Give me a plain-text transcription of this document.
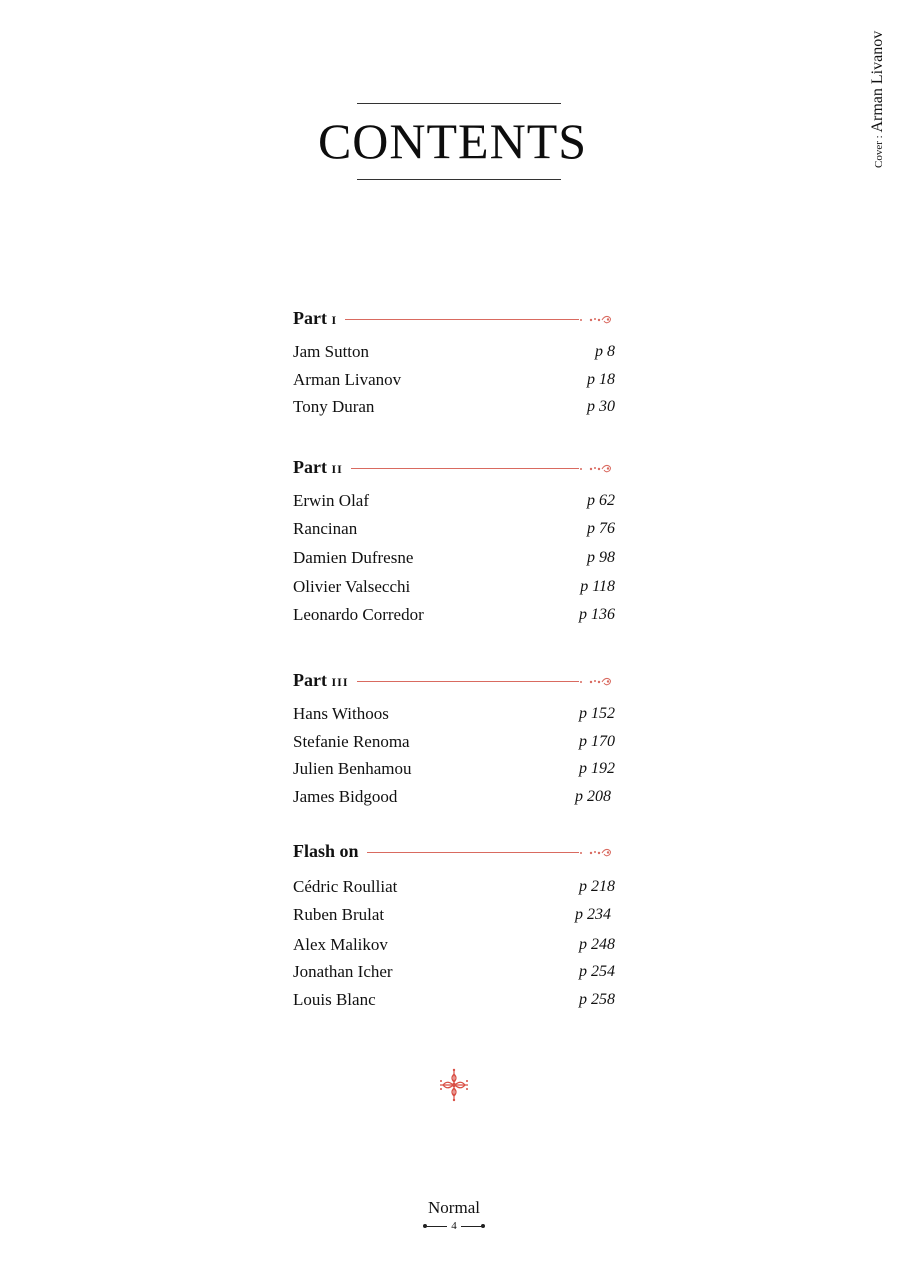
Cover : Arman Livanov
CONTENTS
Part i
Jam Sutton	p 8
Arman Livanov	p 18
Tony Duran	p 30
Part ii
Erwin Olaf	p 62
Rancinan	p 76
Damien Dufresne	p 98
Olivier Valsecchi	p 118
Leonardo Corredor	p 136
Part iii
Hans Withoos	p 152
Stefanie Renoma	p 170
Julien Benhamou	p 192
James Bidgood	p 208
Flash on
Cédric Roulliat	p 218
Ruben Brulat	p 234
Alex Malikov	p 248
Jonathan Icher	p 254
Louis Blanc	p 258
Normal
4
